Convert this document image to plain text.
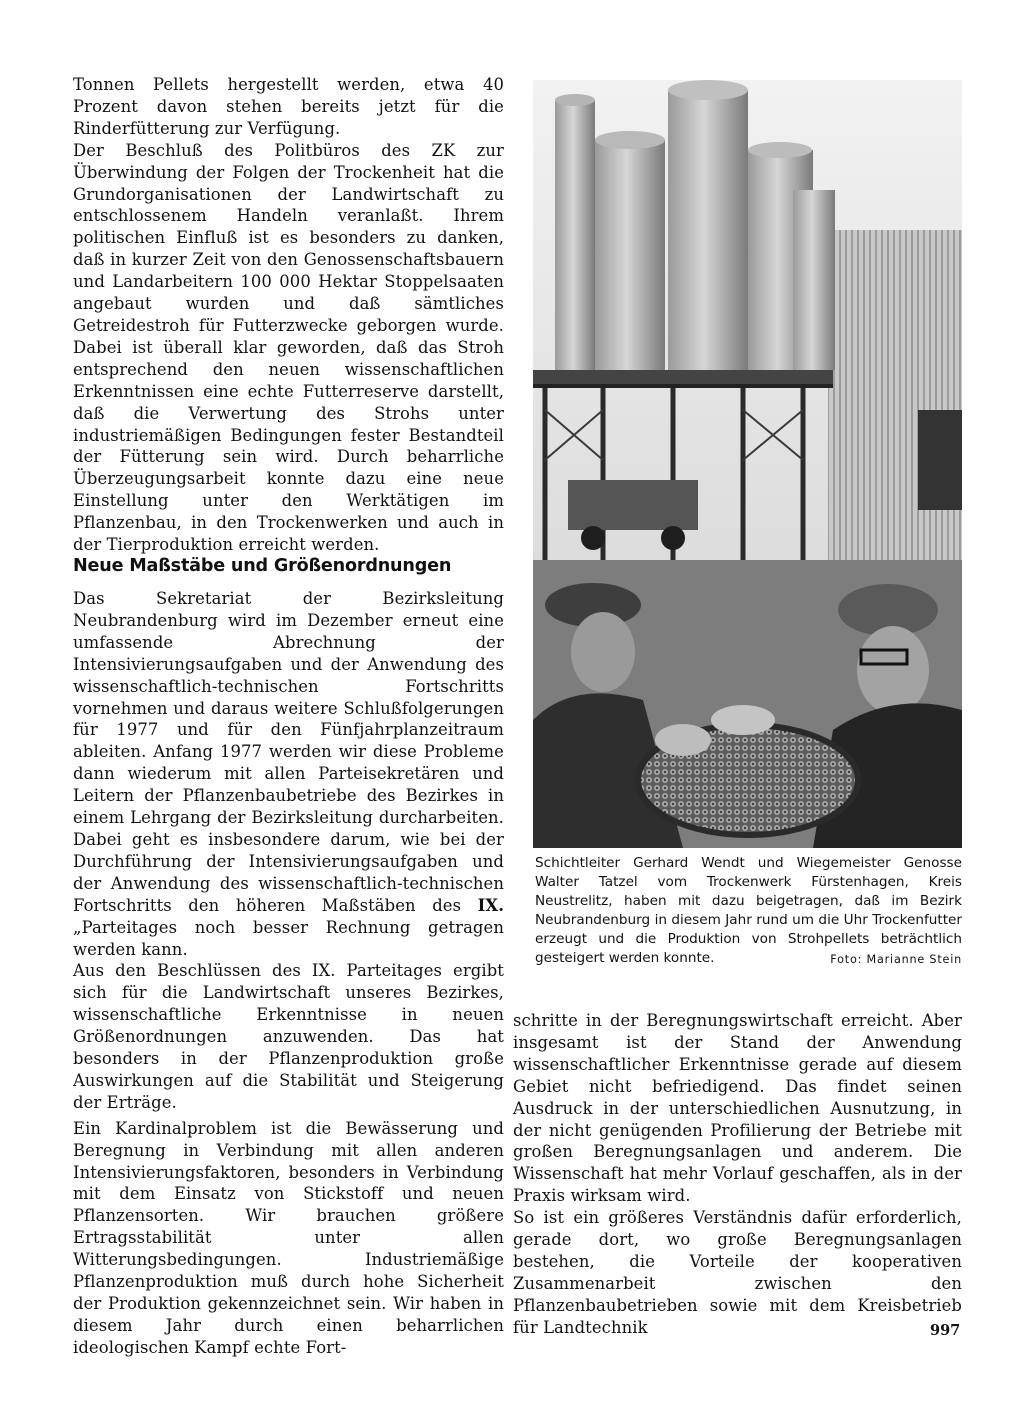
Tonnen Pellets hergestellt werden, etwa 40 Prozent davon stehen bereits jetzt für die Rinderfütterung zur Verfügung.

Der Beschluß des Politbüros des ZK zur Überwindung der Folgen der Trockenheit hat die Grundorganisationen der Landwirtschaft zu entschlossenem Handeln veranlaßt. Ihrem politischen Einfluß ist es besonders zu danken, daß in kurzer Zeit von den Genossenschaftsbauern und Landarbeitern 100 000 Hektar Stoppelsaaten angebaut wurden und daß sämtliches Getreidestroh für Futterzwecke geborgen wurde. Dabei ist überall klar geworden, daß das Stroh entsprechend den neuen wissenschaftlichen Erkenntnissen eine echte Futterreserve darstellt, daß die Verwertung des Strohs unter industriemäßigen Bedingungen fester Bestandteil der Fütterung sein wird. Durch beharrliche Überzeugungsarbeit konnte dazu eine neue Einstellung unter den Werktätigen im Pflanzenbau, in den Trockenwerken und auch in der Tierproduktion erreicht werden.

Neue Maßstäbe und Größenordnungen

Das Sekretariat der Bezirksleitung Neubrandenburg wird im Dezember erneut eine umfassende Abrechnung der Intensivierungsaufgaben und der Anwendung des wissenschaftlich-technischen Fortschritts vornehmen und daraus weitere Schlußfolgerungen für 1977 und für den Fünfjahrplanzeitraum ableiten. Anfang 1977 werden wir diese Probleme dann wiederum mit allen Parteisekretären und Leitern der Pflanzenbaubetriebe des Bezirkes in einem Lehrgang der Bezirksleitung durcharbeiten. Dabei geht es insbesondere darum, wie bei der Durchführung der Intensivierungsaufgaben und der Anwendung des wissenschaftlich-technischen Fortschritts den höheren Maßstäben des IX. „Parteitages noch besser Rechnung getragen werden kann.

Aus den Beschlüssen des IX. Parteitages ergibt sich für die Landwirtschaft unseres Bezirkes, wissenschaftliche Erkenntnisse in neuen Größenordnungen anzuwenden. Das hat besonders in der Pflanzenproduktion große Auswirkungen auf die Stabilität und Steigerung der Erträge.

Ein Kardinalproblem ist die Bewässerung und Beregnung in Verbindung mit allen anderen Intensivierungsfaktoren, besonders in Verbindung mit dem Einsatz von Stickstoff und neuen Pflanzensorten. Wir brauchen größere Ertragsstabilität unter allen Witterungsbedingungen. Industriemäßige Pflanzenproduktion muß durch hohe Sicherheit der Produktion gekennzeichnet sein. Wir haben in diesem Jahr durch einen beharrlichen ideologischen Kampf echte Fort-

Schichtleiter Gerhard Wendt und Wiegemeister Genosse Walter Tatzel vom Trockenwerk Fürstenhagen, Kreis Neustrelitz, haben mit dazu beigetragen, daß im Bezirk Neubrandenburg in diesem Jahr rund um die Uhr Trockenfutter erzeugt und die Produktion von Strohpellets beträchtlich gesteigert werden konnte.	Foto: Marianne Stein

schritte in der Beregnungswirtschaft erreicht. Aber insgesamt ist der Stand der Anwendung wissenschaftlicher Erkenntnisse gerade auf diesem Gebiet nicht befriedigend. Das findet seinen Ausdruck in der unterschiedlichen Ausnutzung, in der nicht genügenden Profilierung der Betriebe mit großen Beregnungsanlagen und anderem. Die Wissenschaft hat mehr Vorlauf geschaffen, als in der Praxis wirksam wird.

So ist ein größeres Verständnis dafür erforderlich, gerade dort, wo große Beregnungsanlagen bestehen, die Vorteile der kooperativen Zusammenarbeit zwischen den Pflanzenbaubetrieben sowie mit dem Kreisbetrieb für Landtechnik	997
